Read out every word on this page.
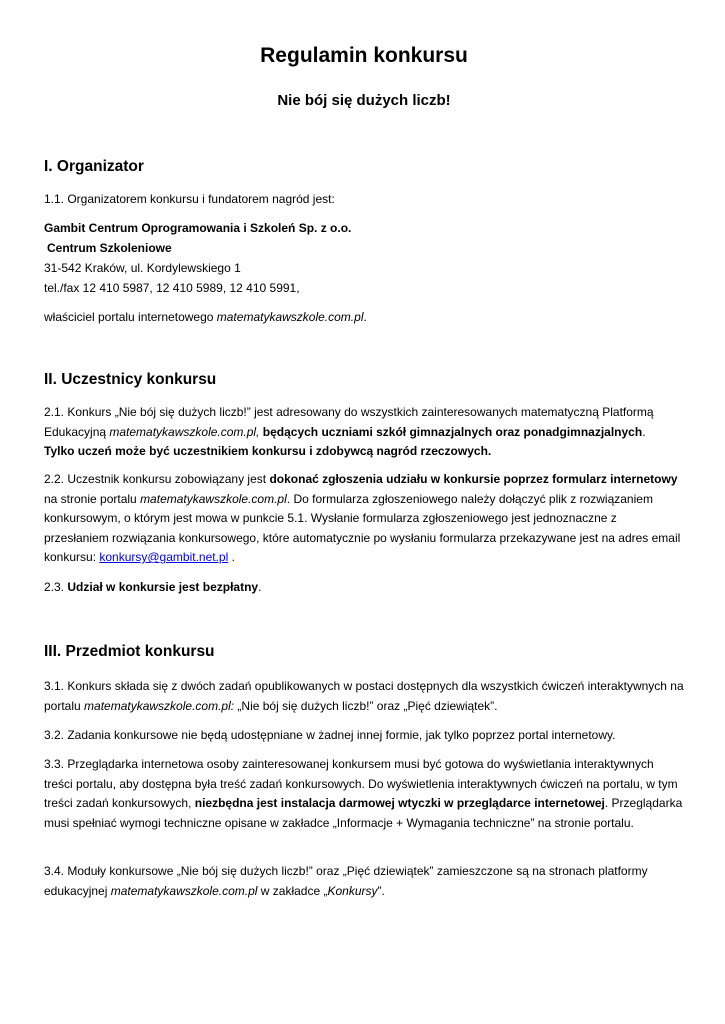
Regulamin konkursu
Nie bój się dużych liczb!
I. Organizator
1.1. Organizatorem konkursu i fundatorem nagród jest:
Gambit Centrum Oprogramowania i Szkoleń Sp. z o.o.
Centrum Szkoleniowe
31-542 Kraków, ul. Kordylewskiego 1
tel./fax 12 410 5987, 12 410 5989, 12 410 5991,
właściciel portalu internetowego matematykawszkole.com.pl.
II. Uczestnicy konkursu
2.1. Konkurs „Nie bój się dużych liczb!” jest adresowany do wszystkich zainteresowanych matematyczną Platformą Edukacyjną matematykawszkole.com.pl, będących uczniami szkół gimnazjalnych oraz ponadgimnazjalnych.
Tylko uczeń może być uczestnikiem konkursu i zdobywcą nagród rzeczowych.
2.2. Uczestnik konkursu zobowiązany jest dokonać zgłoszenia udziału w konkursie poprzez formularz internetowy na stronie portalu matematykawszkole.com.pl. Do formularza zgłoszeniowego należy dołączyć plik z rozwiązaniem konkursowym, o którym jest mowa w punkcie 5.1. Wysłanie formularza zgłoszeniowego jest jednoznaczne z przesłaniem rozwiązania konkursowego, które automatycznie po wysłaniu formularza przekazywane jest na adres email konkursu: konkursy@gambit.net.pl .
2.3. Udział w konkursie jest bezpłatny.
III. Przedmiot konkursu
3.1. Konkurs składa się z dwóch zadań opublikowanych w postaci dostępnych dla wszystkich ćwiczeń interaktywnych na portalu matematykawszkole.com.pl: „Nie bój się dużych liczb!” oraz „Pięć dziewiątek”.
3.2. Zadania konkursowe nie będą udostępniane w żadnej innej formie, jak tylko poprzez portal internetowy.
3.3. Przeglądarka internetowa osoby zainteresowanej konkursem musi być gotowa do wyświetlania interaktywnych treści portalu, aby dostępna była treść zadań konkursowych. Do wyświetlenia interaktywnych ćwiczeń na portalu, w tym treści zadań konkursowych, niezbędna jest instalacja darmowej wtyczki w przeglądarce internetowej. Przeglądarka musi spełniać wymogi techniczne opisane w zakładce „Informacje + Wymagania techniczne” na stronie portalu.
3.4. Moduły konkursowe „Nie bój się dużych liczb!” oraz „Pięć dziewiątek” zamieszczone są na stronach platformy edukacyjnej matematykawszkole.com.pl w zakładce „Konkursy”.
